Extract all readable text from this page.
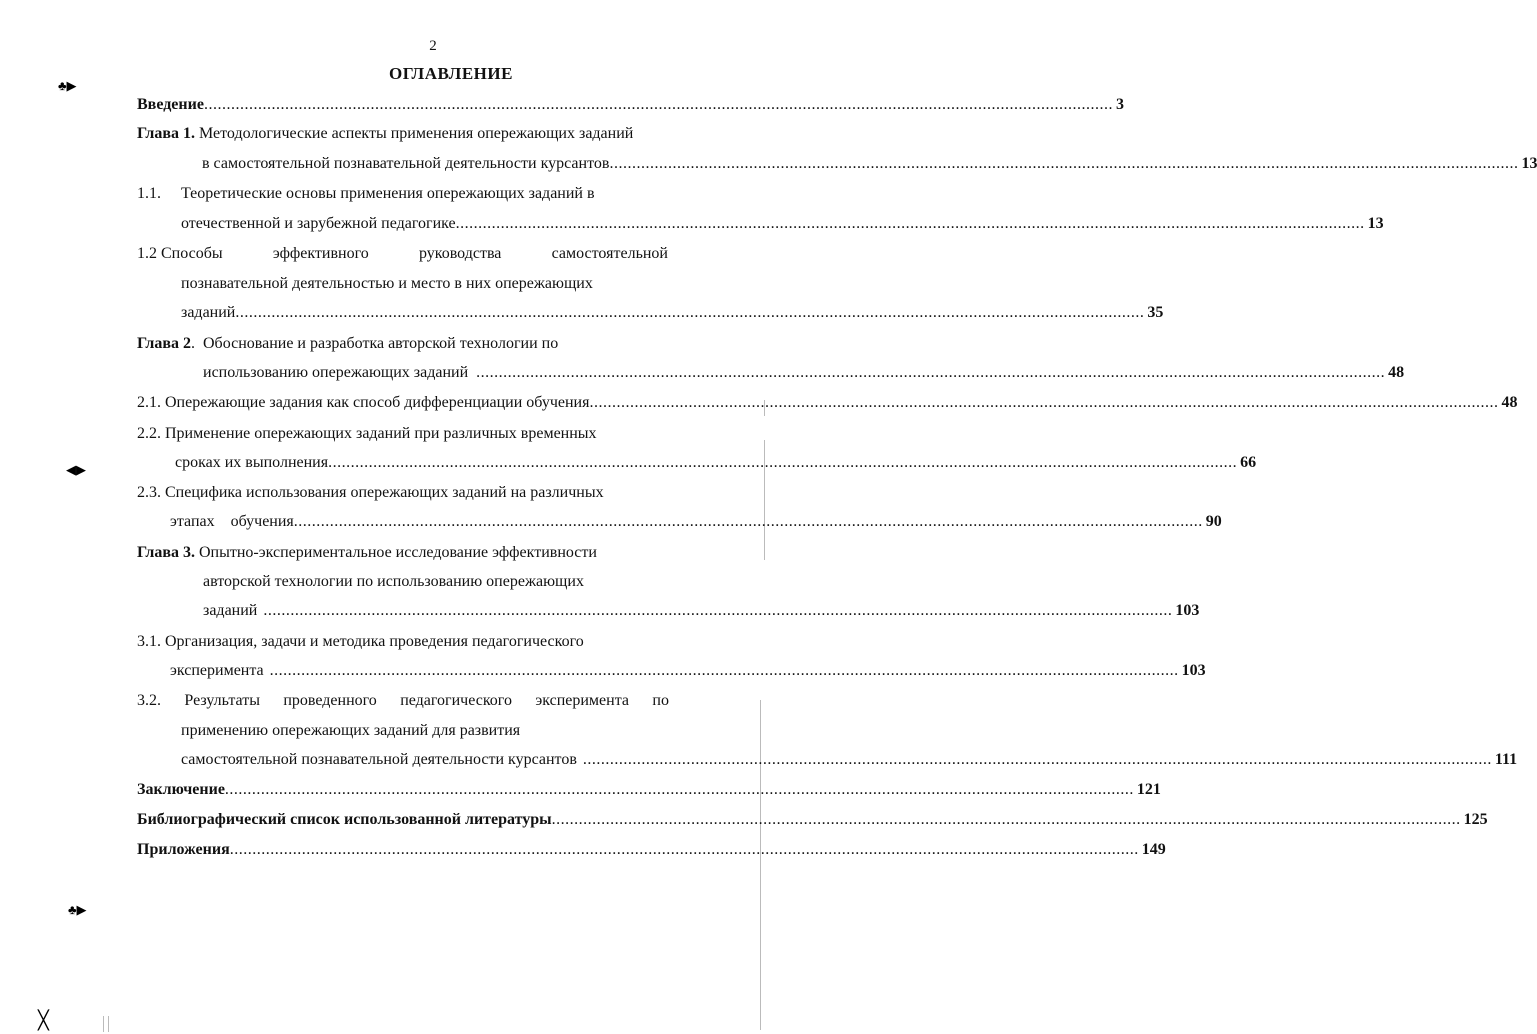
2
ОГЛАВЛЕНИЕ
♣▶
◀▶
♣▶
╳
Введение .......................................................................................................................................................................................................... 3
Глава 1. Методологические аспекты применения опережающих заданий
в самостоятельной познавательной деятельности курсантов .......................................................................................................................................................................................................... 13
1.1.	Теоретические основы применения опережающих заданий в
отечественной и зарубежной педагогике .......................................................................................................................................................................................................... 13
1.2 Способы	эффективного	руководства	самостоятельной
познавательной деятельностью и место в них опережающих
заданий .......................................................................................................................................................................................................... 35
Глава 2 .  Обоснование и разработка авторской технологии по
использованию опережающих заданий .......................................................................................................................................................................................................... 48
2.1. Опережающие задания как способ дифференциации обучения .......................................................................................................................................................................................................... 48
2.2. Применение опережающих заданий при различных временных
сроках их выполнения .......................................................................................................................................................................................................... 66
2.3. Специфика использования опережающих заданий на различных
этапах    обучения .......................................................................................................................................................................................................... 90
Глава 3. Опытно-экспериментальное исследование эффективности
авторской технологии по использованию опережающих
заданий .......................................................................................................................................................................................................... 103
3.1. Организация, задачи и методика проведения педагогического
эксперимента .......................................................................................................................................................................................................... 103
3.2. Результаты проведенного педагогического эксперимента по
применению опережающих заданий для развития
самостоятельной познавательной деятельности курсантов .......................................................................................................................................................................................................... 111
Заключение .......................................................................................................................................................................................................... 121
Библиографический список использованной литературы .......................................................................................................................................................................................................... 125
Приложения .......................................................................................................................................................................................................... 149
